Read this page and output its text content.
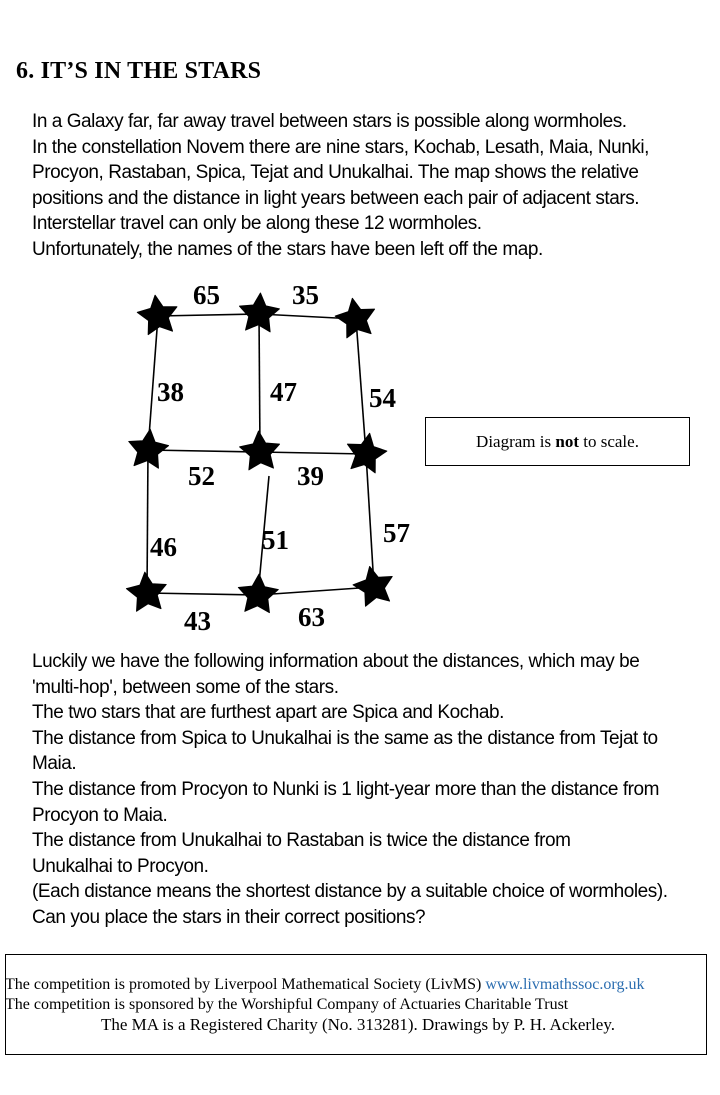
6. IT’S IN THE STARS
In a Galaxy far, far away travel between stars is possible along wormholes.
In the constellation Novem there are nine stars, Kochab, Lesath, Maia, Nunki,
Procyon, Rastaban, Spica, Tejat and Unukalhai. The map shows the relative
positions and the distance in light years between each pair of adjacent stars.
Interstellar travel can only be along these 12 wormholes.
Unfortunately, the names of the stars have been left off the map.
65	35
38	47	54
52	39
46	51	57
43	63
Diagram is not to scale.
Luckily we have the following information about the distances, which may be
'multi-hop', between some of the stars.
The two stars that are furthest apart are Spica and Kochab.
The distance from Spica to Unukalhai is the same as the distance from Tejat to
Maia.
The distance from Procyon to Nunki is 1 light-year more than the distance from
Procyon to Maia.
The distance from Unukalhai to Rastaban is twice the distance from
Unukalhai to Procyon.
(Each distance means the shortest distance by a suitable choice of wormholes).
Can you place the stars in their correct positions?
The competition is promoted by Liverpool Mathematical Society (LivMS) www.livmathssoc.org.uk
The competition is sponsored by the Worshipful Company of Actuaries Charitable Trust
The MA is a Registered Charity (No. 313281). Drawings by P. H. Ackerley.
